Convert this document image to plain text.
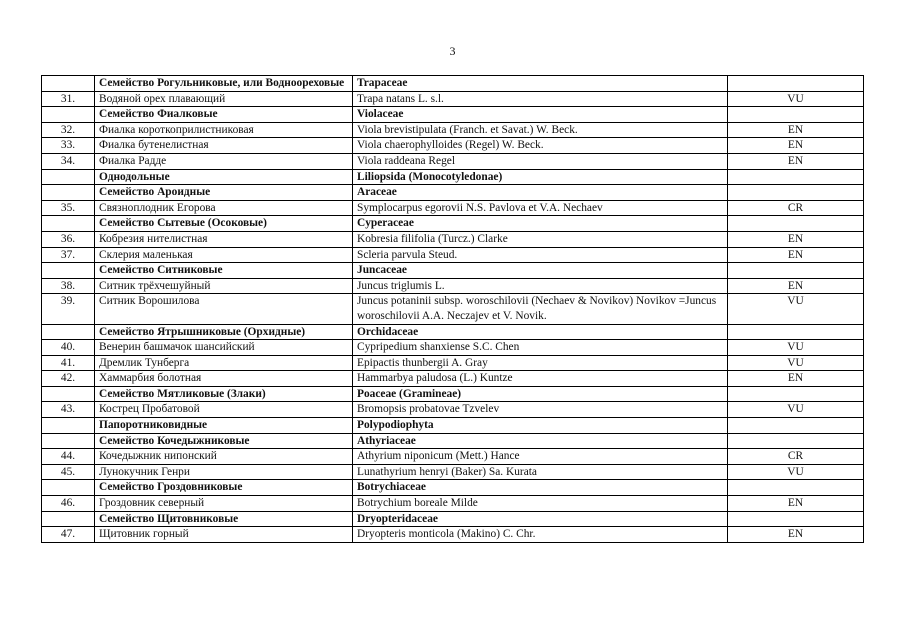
3
	Семейство Рогульниковые, или Водноореховые	Trapaceae	
31.	Водяной орех плавающий	Trapa natans L. s.l.	VU
	Семейство Фиалковые	Violaceae	
32.	Фиалка короткоприлистниковая	Viola brevistipulata (Franch. et Savat.) W. Beck.	EN
33.	Фиалка бутенелистная	Viola chaerophylloides (Regel) W. Beck.	EN
34.	Фиалка Радде	Viola raddeana Regel	EN
	Однодольные	Liliopsida (Monocotyledonae)	
	Семейство Ароидные	Araceae	
35.	Связноплодник Егорова	Symplocarpus egorovii N.S. Pavlova et V.A. Nechaev	CR
	Семейство Сытевые (Осоковые)	Cyperaceae	
36.	Кобрезия нителистная	Kobresia filifolia (Turcz.) Clarke	EN
37.	Склерия маленькая	Scleria parvula Steud.	EN
	Семейство Ситниковые	Juncaceae	
38.	Ситник трёхчешуйный	Juncus triglumis L.	EN
39.	Ситник Ворошилова	Juncus potaninii subsp. woroschilovii (Nechaev & Novikov) Novikov =Juncus woroschilovii A.A. Neczajev et V. Novik.	VU
	Семейство Ятрышниковые (Орхидные)	Orchidaceae	
40.	Венерин башмачок шансийский	Cypripedium shanxiense S.C. Chen	VU
41.	Дремлик Тунберга	Epipactis thunbergii A. Gray	VU
42.	Хаммарбия болотная	Hammarbya paludosa (L.) Kuntze	EN
	Семейство Мятликовые (Злаки)	Poaceae (Gramineae)	
43.	Кострец Пробатовой	Bromopsis probatovae Tzvelev	VU
	Папоротниковидные	Polypodiophyta	
	Семейство Кочедыжниковые	Athyriaceae	
44.	Кочедыжник нипонский	Athyrium niponicum (Mett.) Hance	CR
45.	Лунокучник Генри	Lunathyrium henryi (Baker) Sa. Kurata	VU
	Семейство Гроздовниковые	Botrychiaceae	
46.	Гроздовник северный	Botrychium boreale Milde	EN
	Семейство Щитовниковые	Dryopteridaceae	
47.	Щитовник горный	Dryopteris monticola (Makino) C. Chr.	EN
